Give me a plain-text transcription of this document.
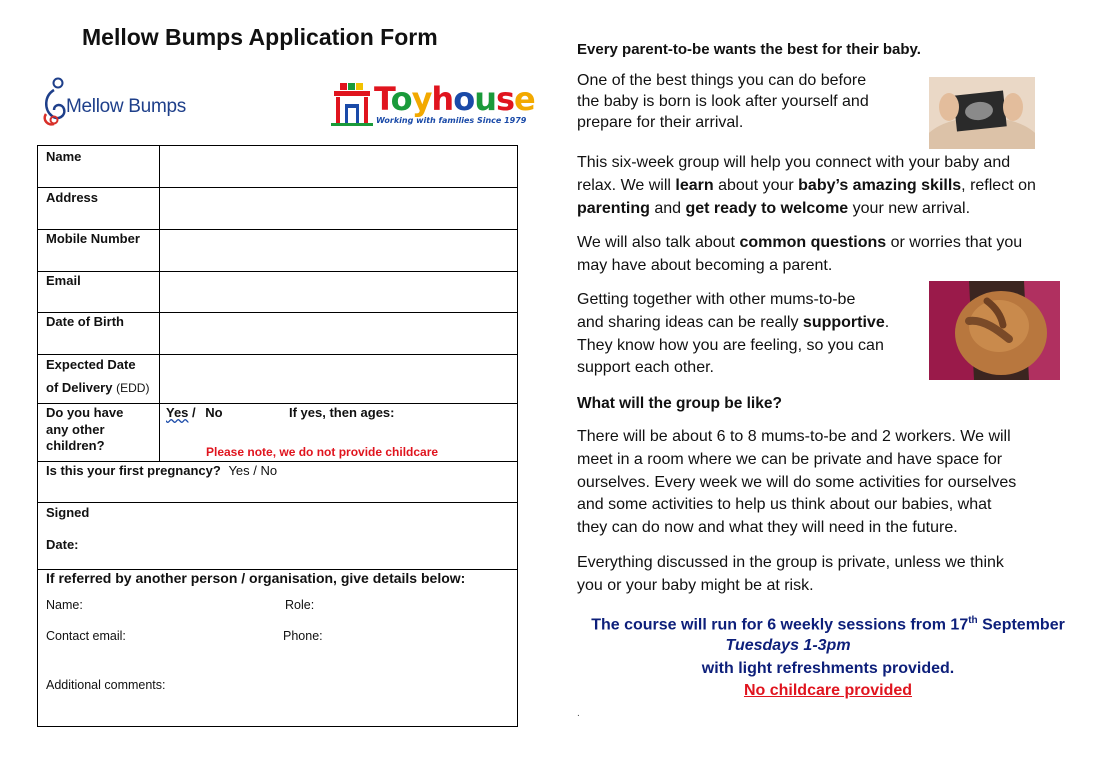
Mellow Bumps Application Form
Mellow Bumps	Toyhouse
Working with families Since 1979
Name
Address
Mobile Number
Email
Date of Birth
Expected Date
of Delivery (EDD)
Do you have
any other
children?
Yes / No	If yes, then ages:
Please note, we do not provide childcare
Is this your first pregnancy? Yes / No
Signed
Date:
If referred by another person / organisation, give details below:
Name:	Role:
Contact email:	Phone:
Additional comments:
Every parent-to-be wants the best for their baby.
One of the best things you can do before
the baby is born is look after yourself and
prepare for their arrival.
This six-week group will help you connect with your baby and
relax. We will learn about your baby’s amazing skills, reflect on
parenting and get ready to welcome your new arrival.
We will also talk about common questions or worries that you
may have about becoming a parent.
Getting together with other mums-to-be
and sharing ideas can be really supportive.
They know how you are feeling, so you can
support each other.
What will the group be like?
There will be about 6 to 8 mums-to-be and 2 workers. We will
meet in a room where we can be private and have space for
ourselves. Every week we will do some activities for ourselves
and some activities to help us think about our babies, what
they can do now and what they will need in the future.
Everything discussed in the group is private, unless we think
you or your baby might be at risk.
The course will run for 6 weekly sessions from 17th September
Tuesdays 1-3pm
with light refreshments provided.
No childcare provided
.
